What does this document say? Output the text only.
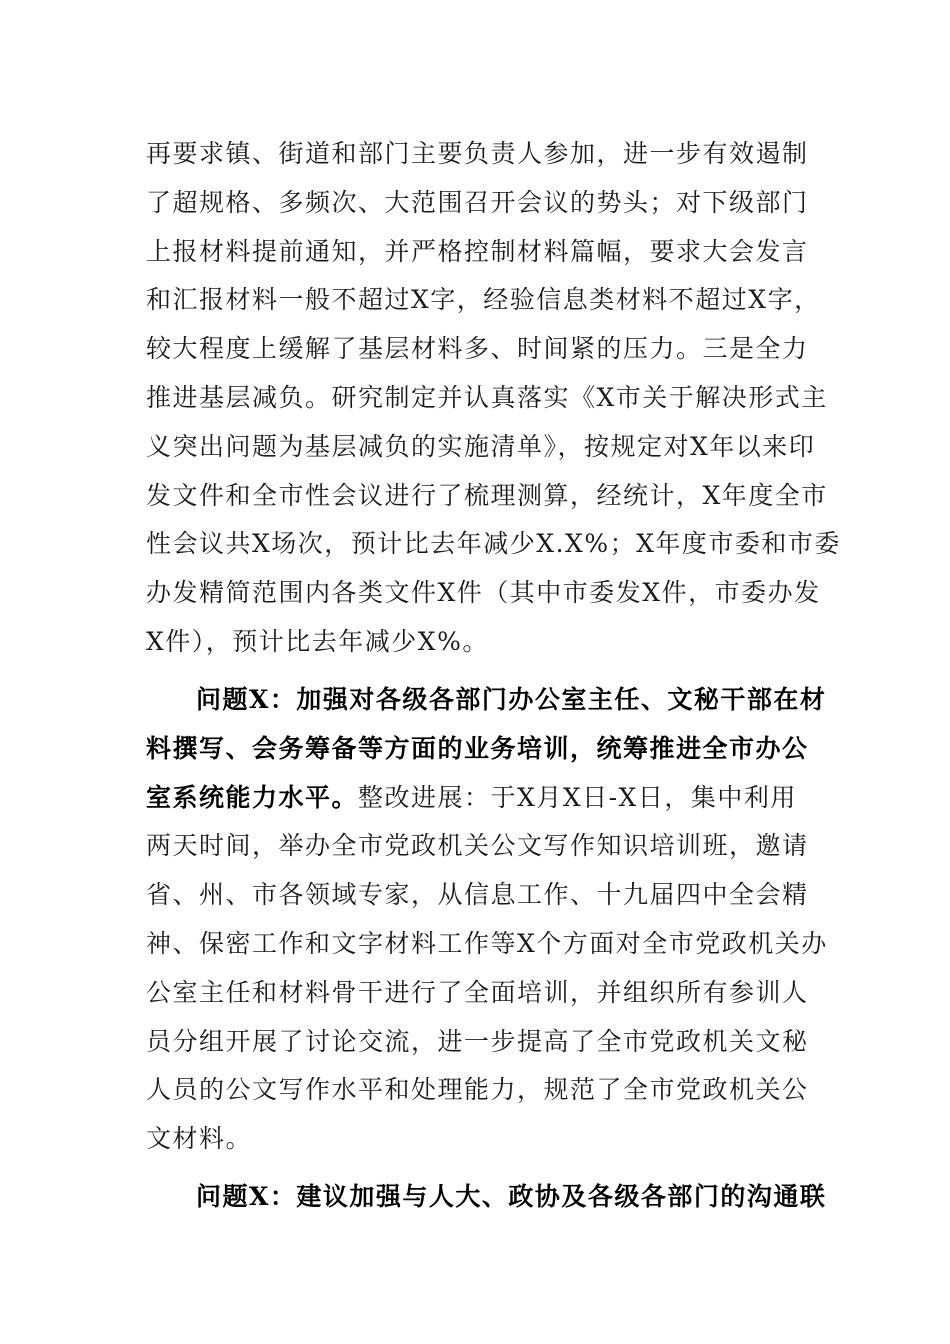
再要求镇、街道和部门主要负责人参加，进一步有效遏制
了超规格、多频次、大范围召开会议的势头；对下级部门
上报材料提前通知，并严格控制材料篇幅，要求大会发言
和汇报材料一般不超过X字，经验信息类材料不超过X字，
较大程度上缓解了基层材料多、时间紧的压力。三是全力
推进基层减负。研究制定并认真落实《X市关于解决形式主
义突出问题为基层减负的实施清单》，按规定对X年以来印
发文件和全市性会议进行了梳理测算，经统计，X年度全市
性会议共X场次，预计比去年减少X.X%；X年度市委和市委
办发精简范围内各类文件X件（其中市委发X件，市委办发
X件），预计比去年减少X%。
问题X：加强对各级各部门办公室主任、文秘干部在材
料撰写、会务筹备等方面的业务培训，统筹推进全市办公
室系统能力水平。整改进展：于X月X日-X日，集中利用
两天时间，举办全市党政机关公文写作知识培训班，邀请
省、州、市各领域专家，从信息工作、十九届四中全会精
神、保密工作和文字材料工作等X个方面对全市党政机关办
公室主任和材料骨干进行了全面培训，并组织所有参训人
员分组开展了讨论交流，进一步提高了全市党政机关文秘
人员的公文写作水平和处理能力，规范了全市党政机关公
文材料。
问题X：建议加强与人大、政协及各级各部门的沟通联
